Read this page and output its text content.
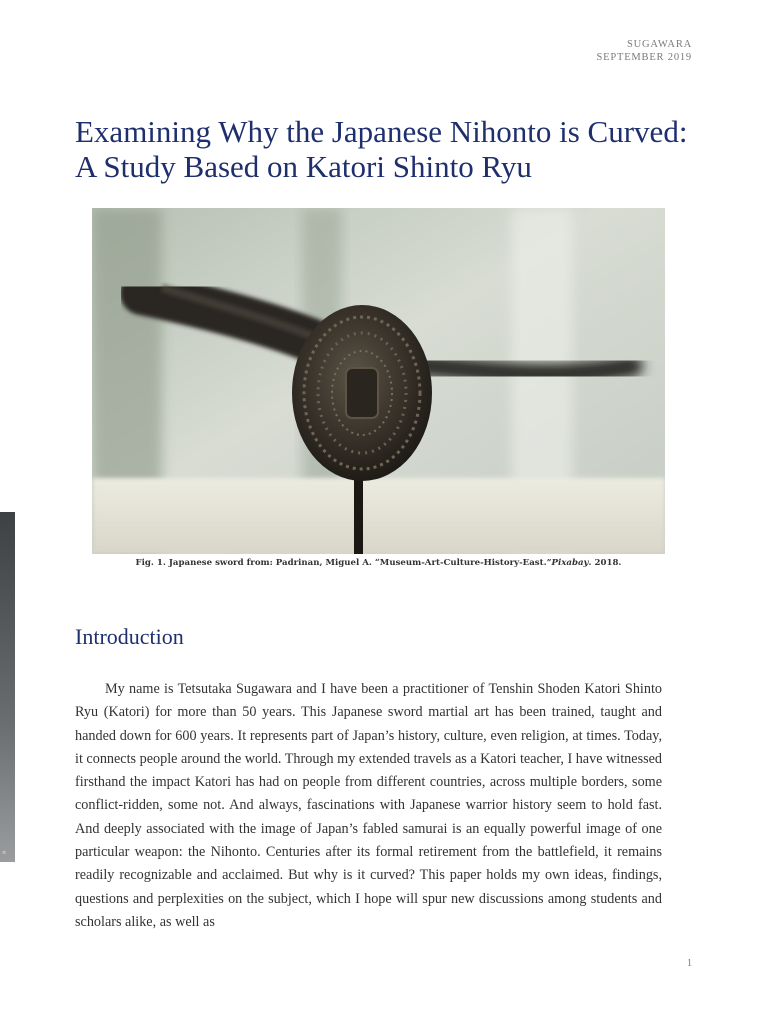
SUGAWARA
SEPTEMBER 2019
Examining Why the Japanese Nihonto is Curved: A Study Based on Katori Shinto Ryu
Fig. 1. Japanese sword from: Padrinan, Miguel A. “Museum-Art-Culture-History-East.”Pixabay. 2018.
Introduction

My name is Tetsutaka Sugawara and I have been a practitioner of Tenshin Shoden Katori Shinto Ryu (Katori) for more than 50 years. This Japanese sword martial art has been trained, taught and handed down for 600 years. It represents part of Japan’s history, culture, even religion, at times. Today, it connects people around the world. Through my extended travels as a Katori teacher, I have witnessed firsthand the impact Katori has had on people from different countries, across multiple borders, some conflict-ridden, some not. And always, fascinations with Japanese warrior history seem to hold fast. And deeply associated with the image of Japan’s fabled samurai is an equally powerful image of one particular weapon: the Nihonto. Centuries after its formal retirement from the battlefield, it remains readily recognizable and acclaimed. But why is it curved? This paper holds my own ideas, findings, questions and perplexities on the subject, which I hope will spur new discussions among students and scholars alike, as well as

1
≡
